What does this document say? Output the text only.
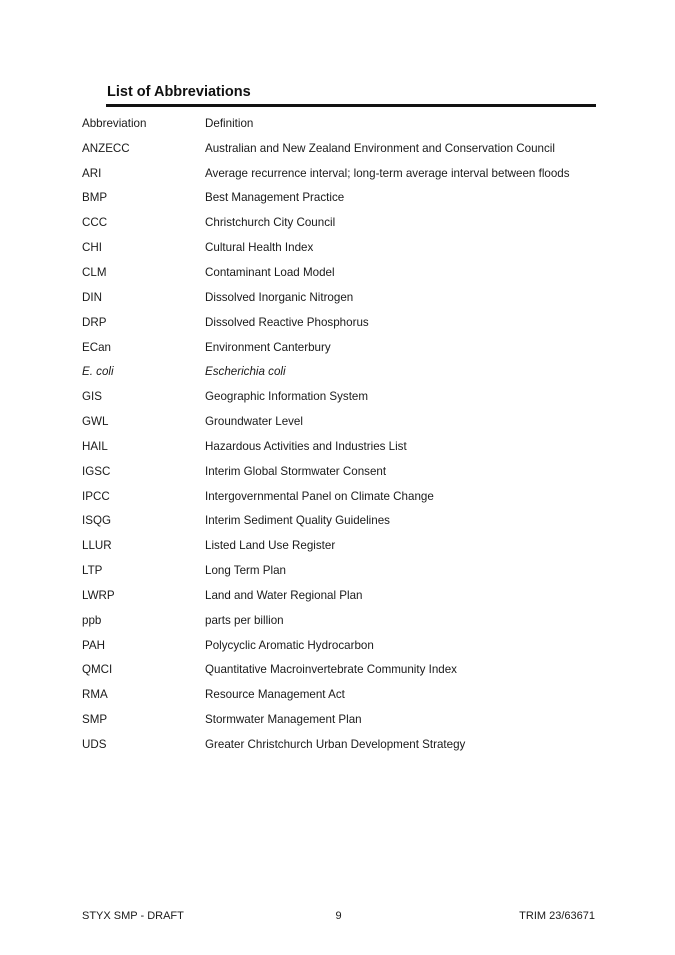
List of Abbreviations
Abbreviation	Definition
ANZECC	Australian and New Zealand Environment and Conservation Council
ARI	Average recurrence interval; long-term average interval between floods
BMP	Best Management Practice
CCC	Christchurch City Council
CHI	Cultural Health Index
CLM	Contaminant Load Model
DIN	Dissolved Inorganic Nitrogen
DRP	Dissolved Reactive Phosphorus
ECan	Environment Canterbury
E. coli	Escherichia coli
GIS	Geographic Information System
GWL	Groundwater Level
HAIL	Hazardous Activities and Industries List
IGSC	Interim Global Stormwater Consent
IPCC	Intergovernmental Panel on Climate Change
ISQG	Interim Sediment Quality Guidelines
LLUR	Listed Land Use Register
LTP	Long Term Plan
LWRP	Land and Water Regional Plan
ppb	parts per billion
PAH	Polycyclic Aromatic Hydrocarbon
QMCI	Quantitative Macroinvertebrate Community Index
RMA	Resource Management Act
SMP	Stormwater Management Plan
UDS	Greater Christchurch Urban Development Strategy
STYX SMP - DRAFT	9	TRIM 23/63671
